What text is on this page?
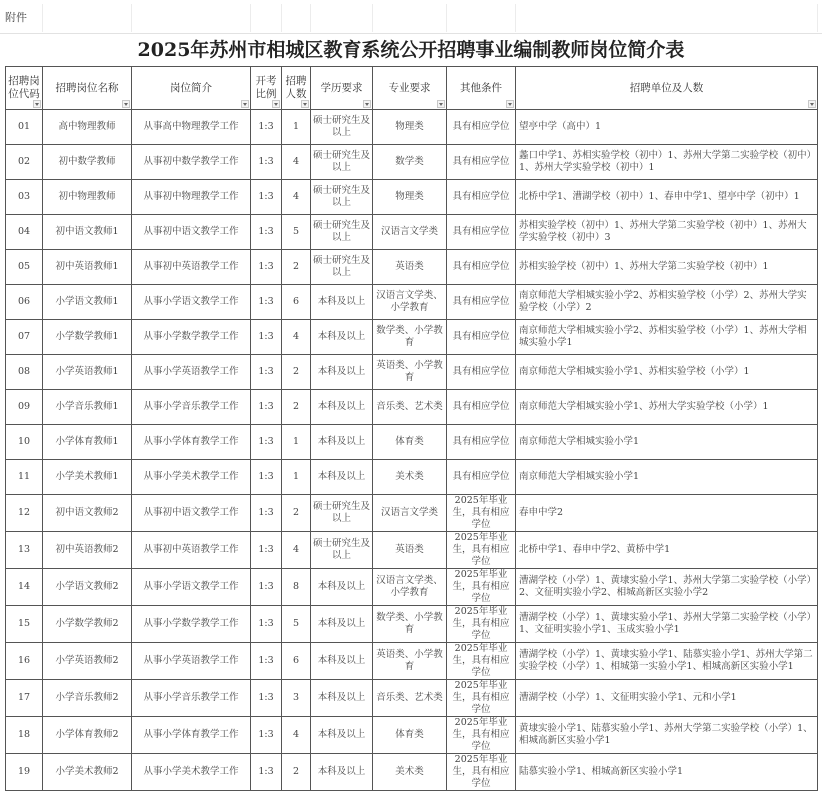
附件
2025年苏州市相城区教育系统公开招聘事业编制教师岗位简介表
招聘岗位代码	招聘岗位名称	岗位简介	开考比例	招聘人数	学历要求	专业要求	其他条件	招聘单位及人数

01	高中物理教师	从事高中物理教学工作	1:3	1	硕士研究生及以上	物理类	具有相应学位	望亭中学（高中）1
02	初中数学教师	从事初中数学教学工作	1:3	4	硕士研究生及以上	数学类	具有相应学位	蠡口中学1、苏相实验学校（初中）1、苏州大学第二实验学校（初中）1、苏州大学实验学校（初中）1
03	初中物理教师	从事初中物理教学工作	1:3	4	硕士研究生及以上	物理类	具有相应学位	北桥中学1、漕湖学校（初中）1、春申中学1、望亭中学（初中）1
04	初中语文教师1	从事初中语文教学工作	1:3	5	硕士研究生及以上	汉语言文学类	具有相应学位	苏相实验学校（初中）1、苏州大学第二实验学校（初中）1、苏州大学实验学校（初中）3
05	初中英语教师1	从事初中英语教学工作	1:3	2	硕士研究生及以上	英语类	具有相应学位	苏相实验学校（初中）1、苏州大学第二实验学校（初中）1
06	小学语文教师1	从事小学语文教学工作	1:3	6	本科及以上	汉语言文学类、小学教育	具有相应学位	南京师范大学相城实验小学2、苏相实验学校（小学）2、苏州大学实验学校（小学）2
07	小学数学教师1	从事小学数学教学工作	1:3	4	本科及以上	数学类、小学教育	具有相应学位	南京师范大学相城实验小学2、苏相实验学校（小学）1、苏州大学相城实验小学1
08	小学英语教师1	从事小学英语教学工作	1:3	2	本科及以上	英语类、小学教育	具有相应学位	南京师范大学相城实验小学1、苏相实验学校（小学）1
09	小学音乐教师1	从事小学音乐教学工作	1:3	2	本科及以上	音乐类、艺术类	具有相应学位	南京师范大学相城实验小学1、苏州大学实验学校（小学）1
10	小学体育教师1	从事小学体育教学工作	1:3	1	本科及以上	体育类	具有相应学位	南京师范大学相城实验小学1
11	小学美术教师1	从事小学美术教学工作	1:3	1	本科及以上	美术类	具有相应学位	南京师范大学相城实验小学1
12	初中语文教师2	从事初中语文教学工作	1:3	2	硕士研究生及以上	汉语言文学类	2025年毕业生，具有相应学位	春申中学2
13	初中英语教师2	从事初中英语教学工作	1:3	4	硕士研究生及以上	英语类	2025年毕业生，具有相应学位	北桥中学1、春申中学2、黄桥中学1
14	小学语文教师2	从事小学语文教学工作	1:3	8	本科及以上	汉语言文学类、小学教育	2025年毕业生，具有相应学位	漕湖学校（小学）1、黄埭实验小学1、苏州大学第二实验学校（小学）2、文征明实验小学2、相城高新区实验小学2
15	小学数学教师2	从事小学数学教学工作	1:3	5	本科及以上	数学类、小学教育	2025年毕业生，具有相应学位	漕湖学校（小学）1、黄埭实验小学1、苏州大学第二实验学校（小学）1、文征明实验小学1、玉成实验小学1
16	小学英语教师2	从事小学英语教学工作	1:3	6	本科及以上	英语类、小学教育	2025年毕业生，具有相应学位	漕湖学校（小学）1、黄埭实验小学1、陆慕实验小学1、苏州大学第二实验学校（小学）1、相城第一实验小学1、相城高新区实验小学1
17	小学音乐教师2	从事小学音乐教学工作	1:3	3	本科及以上	音乐类、艺术类	2025年毕业生，具有相应学位	漕湖学校（小学）1、文征明实验小学1、元和小学1
18	小学体育教师2	从事小学体育教学工作	1:3	4	本科及以上	体育类	2025年毕业生，具有相应学位	黄埭实验小学1、陆慕实验小学1、苏州大学第二实验学校（小学）1、相城高新区实验小学1
19	小学美术教师2	从事小学美术教学工作	1:3	2	本科及以上	美术类	2025年毕业生，具有相应学位	陆慕实验小学1、相城高新区实验小学1
